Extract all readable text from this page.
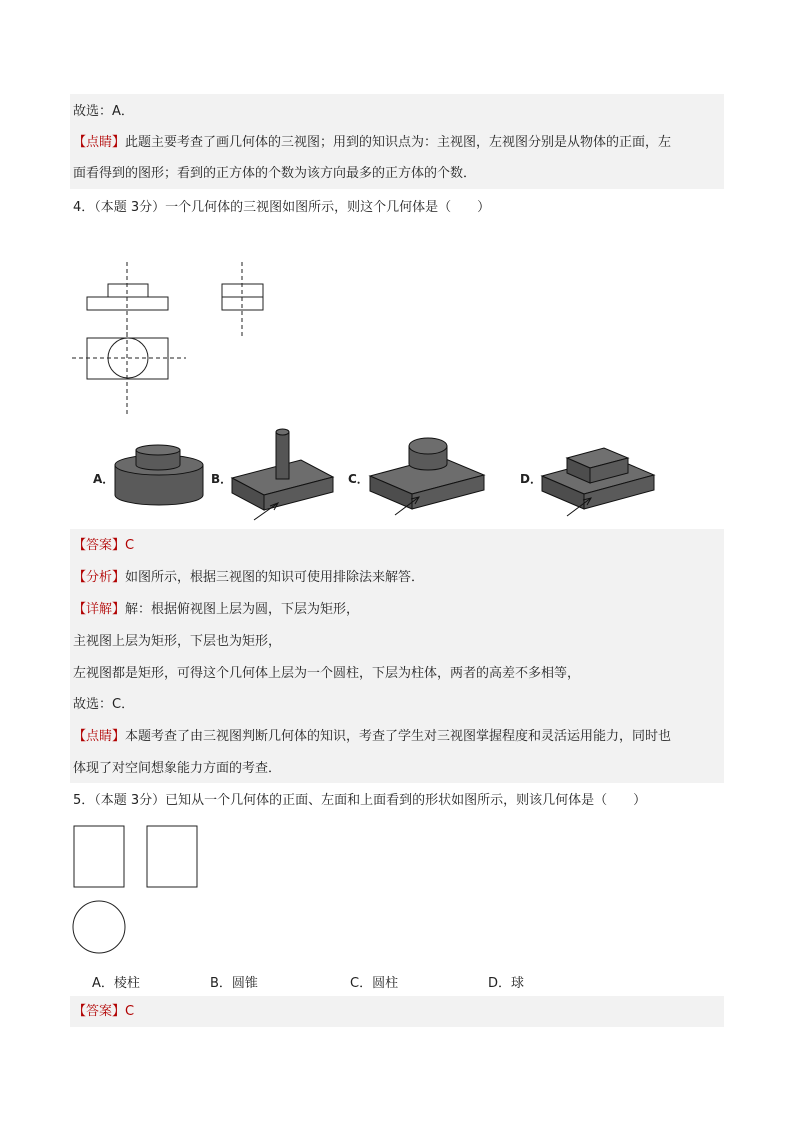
故选：A．
【点睛】此题主要考查了画几何体的三视图；用到的知识点为：主视图，左视图分别是从物体的正面，左
面看得到的图形；看到的正方体的个数为该方向最多的正方体的个数．
4．（本题 3分）一个几何体的三视图如图所示，则这个几何体是（　　）
A．	B．	C．	D．
【答案】C
【分析】如图所示，根据三视图的知识可使用排除法来解答．
【详解】解：根据俯视图上层为圆，下层为矩形，
主视图上层为矩形，下层也为矩形，
左视图都是矩形，可得这个几何体上层为一个圆柱，下层为柱体，两者的高差不多相等，
故选：C．
【点睛】本题考查了由三视图判断几何体的知识，考查了学生对三视图掌握程度和灵活运用能力，同时也
体现了对空间想象能力方面的考查．
5．（本题 3分）已知从一个几何体的正面、左面和上面看到的形状如图所示，则该几何体是（　　）
A．棱柱	B．圆锥	C．圆柱	D．球
【答案】C
